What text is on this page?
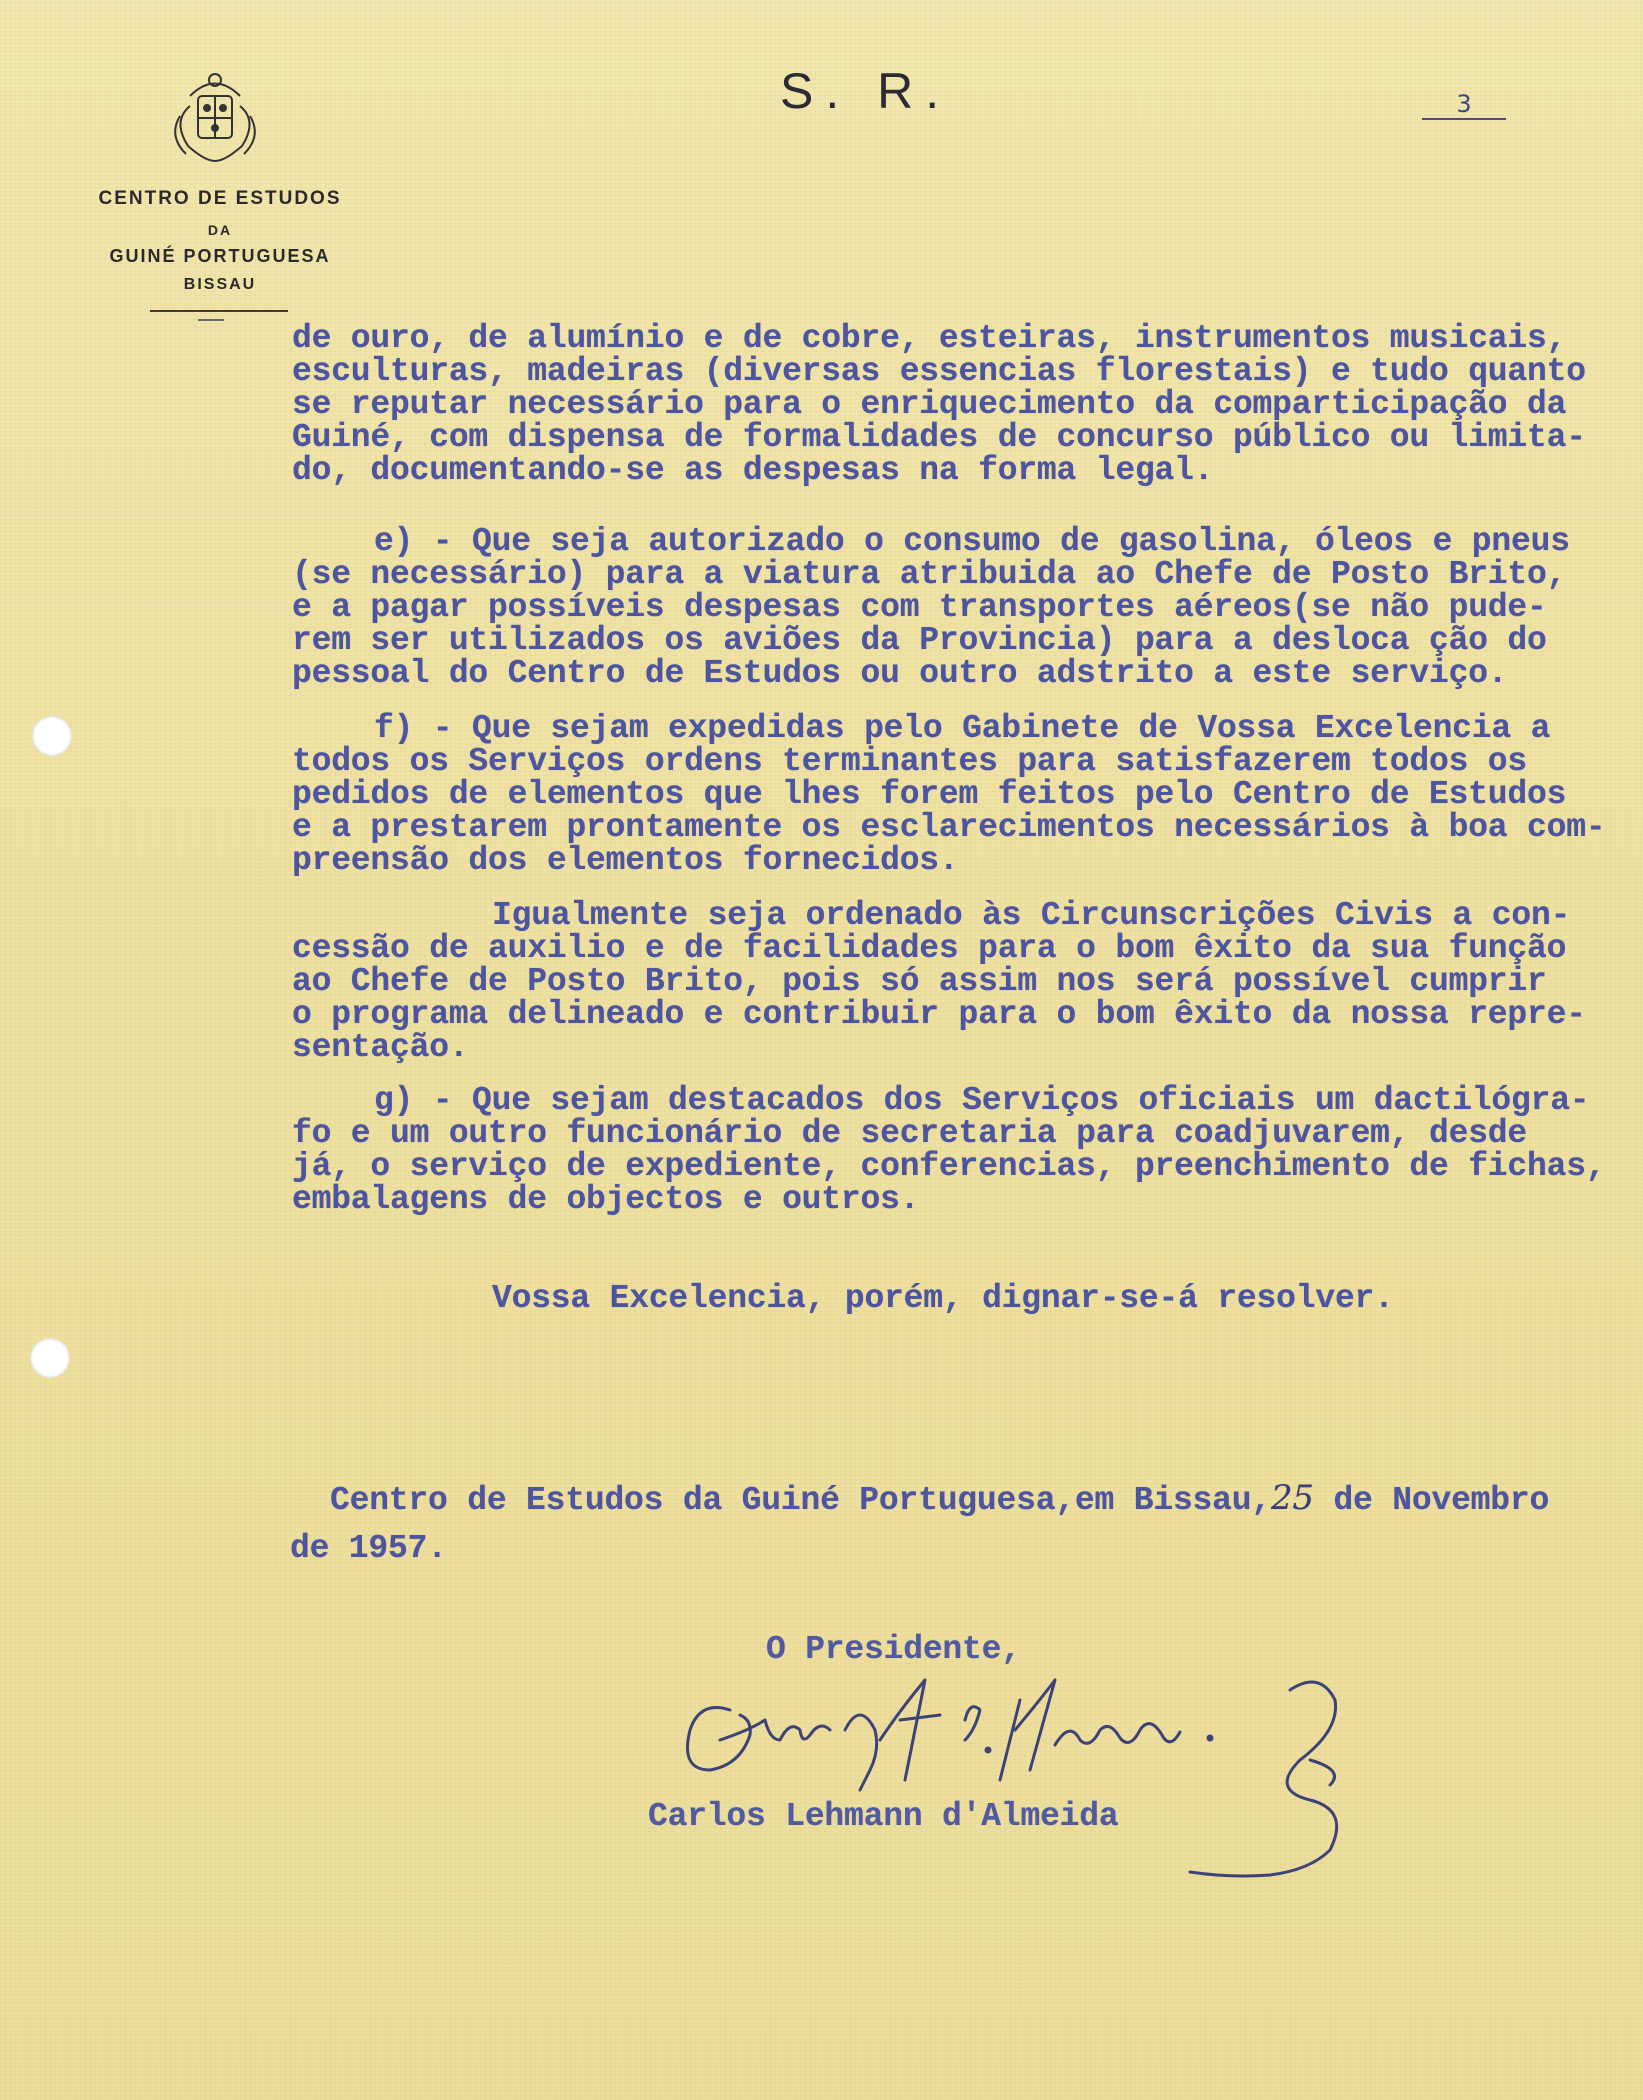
CENTRO DE ESTUDOS
DA
GUINÉ PORTUGUESA
BISSAU
S. R.	3
de ouro, de alumínio e de cobre, esteiras, instrumentos musicais,
esculturas, madeiras (diversas essencias florestais) e tudo quanto
se reputar necessário para o enriquecimento da comparticipação da
Guiné, com dispensa de formalidades de concurso público ou limita-
do, documentando-se as despesas na forma legal.
e) - Que seja autorizado o consumo de gasolina, óleos e pneus
(se necessário) para a viatura atribuida ao Chefe de Posto Brito,
e a pagar possíveis despesas com transportes aéreos(se não pude-
rem ser utilizados os aviões da Provincia) para a desloca ção do
pessoal do Centro de Estudos ou outro adstrito a este serviço.
f) - Que sejam expedidas pelo Gabinete de Vossa Excelencia a
todos os Serviços ordens terminantes para satisfazerem todos os
pedidos de elementos que lhes forem feitos pelo Centro de Estudos
e a prestarem prontamente os esclarecimentos necessários à boa com-
preensão dos elementos fornecidos.
Igualmente seja ordenado às Circunscrições Civis a con-
cessão de auxilio e de facilidades para o bom êxito da sua função
ao Chefe de Posto Brito, pois só assim nos será possível cumprir
o programa delineado e contribuir para o bom êxito da nossa repre-
sentação.
g) - Que sejam destacados dos Serviços oficiais um dactilógra-
fo e um outro funcionário de secretaria para coadjuvarem, desde
já, o serviço de expediente, conferencias, preenchimento de fichas,
embalagens de objectos e outros.
Vossa Excelencia, porém, dignar-se-á resolver.
Centro de Estudos da Guiné Portuguesa,em Bissau,25 de Novembro
de 1957.
O Presidente,
Carlos Lehmann d'Almeida
